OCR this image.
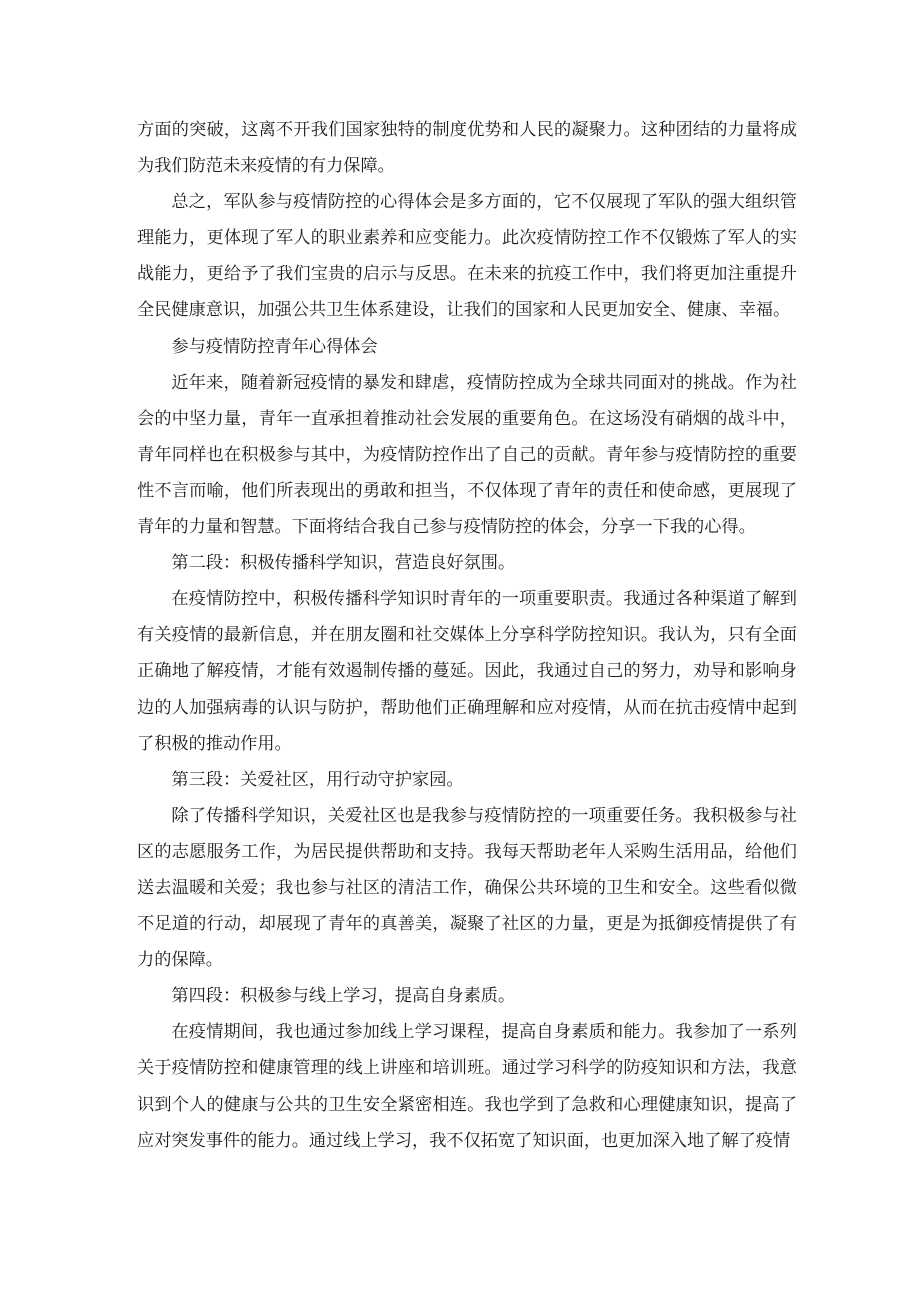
方面的突破，这离不开我们国家独特的制度优势和人民的凝聚力。这种团结的力量将成为我们防范未来疫情的有力保障。

总之，军队参与疫情防控的心得体会是多方面的，它不仅展现了军队的强大组织管理能力，更体现了军人的职业素养和应变能力。此次疫情防控工作不仅锻炼了军人的实战能力，更给予了我们宝贵的启示与反思。在未来的抗疫工作中，我们将更加注重提升全民健康意识，加强公共卫生体系建设，让我们的国家和人民更加安全、健康、幸福。

参与疫情防控青年心得体会

近年来，随着新冠疫情的暴发和肆虐，疫情防控成为全球共同面对的挑战。作为社会的中坚力量，青年一直承担着推动社会发展的重要角色。在这场没有硝烟的战斗中，青年同样也在积极参与其中，为疫情防控作出了自己的贡献。青年参与疫情防控的重要性不言而喻，他们所表现出的勇敢和担当，不仅体现了青年的责任和使命感，更展现了青年的力量和智慧。下面将结合我自己参与疫情防控的体会，分享一下我的心得。

第二段：积极传播科学知识，营造良好氛围。

在疫情防控中，积极传播科学知识时青年的一项重要职责。我通过各种渠道了解到有关疫情的最新信息，并在朋友圈和社交媒体上分享科学防控知识。我认为，只有全面正确地了解疫情，才能有效遏制传播的蔓延。因此，我通过自己的努力，劝导和影响身边的人加强病毒的认识与防护，帮助他们正确理解和应对疫情，从而在抗击疫情中起到了积极的推动作用。

第三段：关爱社区，用行动守护家园。

除了传播科学知识，关爱社区也是我参与疫情防控的一项重要任务。我积极参与社区的志愿服务工作，为居民提供帮助和支持。我每天帮助老年人采购生活用品，给他们送去温暖和关爱；我也参与社区的清洁工作，确保公共环境的卫生和安全。这些看似微不足道的行动，却展现了青年的真善美，凝聚了社区的力量，更是为抵御疫情提供了有力的保障。

第四段：积极参与线上学习，提高自身素质。

在疫情期间，我也通过参加线上学习课程，提高自身素质和能力。我参加了一系列关于疫情防控和健康管理的线上讲座和培训班。通过学习科学的防疫知识和方法，我意识到个人的健康与公共的卫生安全紧密相连。我也学到了急救和心理健康知识，提高了应对突发事件的能力。通过线上学习，我不仅拓宽了知识面，也更加深入地了解了疫情
